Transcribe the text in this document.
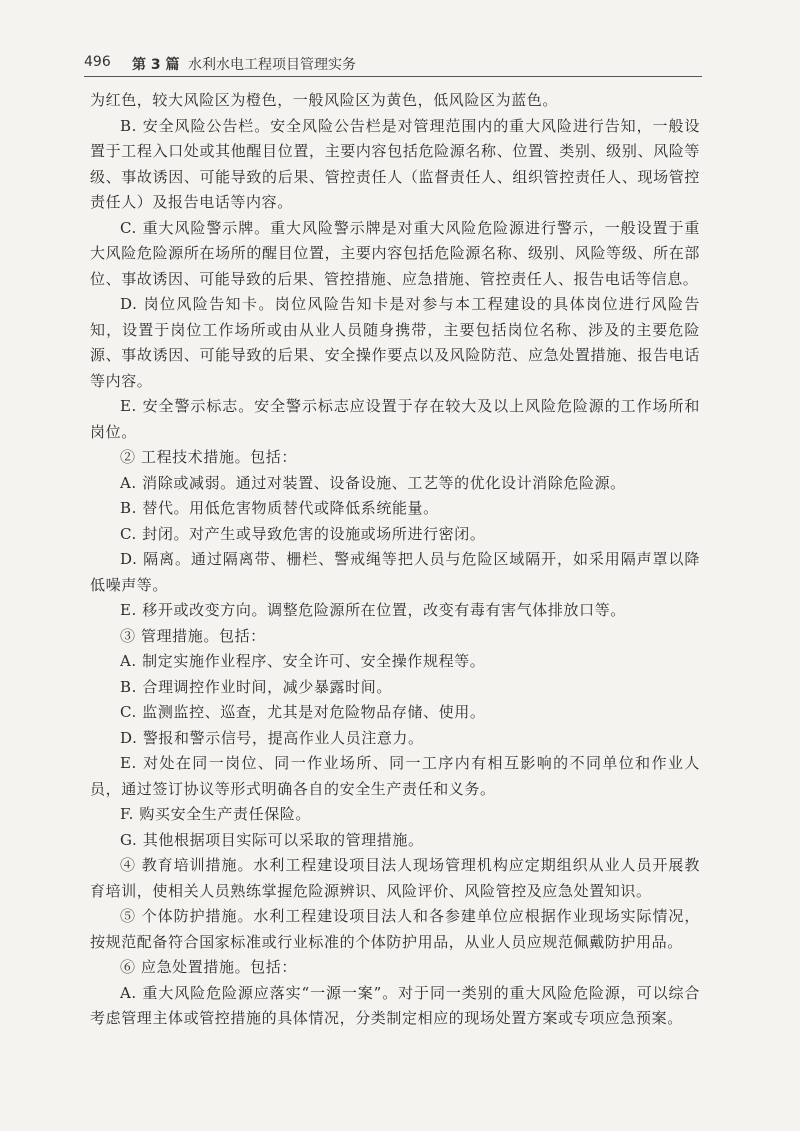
496 第 3 篇 水利水电工程项目管理实务

为红色，较大风险区为橙色，一般风险区为黄色，低风险区为蓝色。

B. 安全风险公告栏。安全风险公告栏是对管理范围内的重大风险进行告知，一般设置于工程入口处或其他醒目位置，主要内容包括危险源名称、位置、类别、级别、风险等级、事故诱因、可能导致的后果、管控责任人（监督责任人、组织管控责任人、现场管控责任人）及报告电话等内容。

C. 重大风险警示牌。重大风险警示牌是对重大风险危险源进行警示，一般设置于重大风险危险源所在场所的醒目位置，主要内容包括危险源名称、级别、风险等级、所在部位、事故诱因、可能导致的后果、管控措施、应急措施、管控责任人、报告电话等信息。

D. 岗位风险告知卡。岗位风险告知卡是对参与本工程建设的具体岗位进行风险告知，设置于岗位工作场所或由从业人员随身携带，主要包括岗位名称、涉及的主要危险源、事故诱因、可能导致的后果、安全操作要点以及风险防范、应急处置措施、报告电话等内容。

E. 安全警示标志。安全警示标志应设置于存在较大及以上风险危险源的工作场所和岗位。

② 工程技术措施。包括：

A. 消除或减弱。通过对装置、设备设施、工艺等的优化设计消除危险源。

B. 替代。用低危害物质替代或降低系统能量。

C. 封闭。对产生或导致危害的设施或场所进行密闭。

D. 隔离。通过隔离带、栅栏、警戒绳等把人员与危险区域隔开，如采用隔声罩以降低噪声等。

E. 移开或改变方向。调整危险源所在位置，改变有毒有害气体排放口等。

③ 管理措施。包括：

A. 制定实施作业程序、安全许可、安全操作规程等。

B. 合理调控作业时间，减少暴露时间。

C. 监测监控、巡查，尤其是对危险物品存储、使用。

D. 警报和警示信号，提高作业人员注意力。

E. 对处在同一岗位、同一作业场所、同一工序内有相互影响的不同单位和作业人员，通过签订协议等形式明确各自的安全生产责任和义务。

F. 购买安全生产责任保险。

G. 其他根据项目实际可以采取的管理措施。

④ 教育培训措施。水利工程建设项目法人现场管理机构应定期组织从业人员开展教育培训，使相关人员熟练掌握危险源辨识、风险评价、风险管控及应急处置知识。

⑤ 个体防护措施。水利工程建设项目法人和各参建单位应根据作业现场实际情况，按规范配备符合国家标准或行业标准的个体防护用品，从业人员应规范佩戴防护用品。

⑥ 应急处置措施。包括：

A. 重大风险危险源应落实“一源一案”。对于同一类别的重大风险危险源，可以综合考虑管理主体或管控措施的具体情况，分类制定相应的现场处置方案或专项应急预案。
